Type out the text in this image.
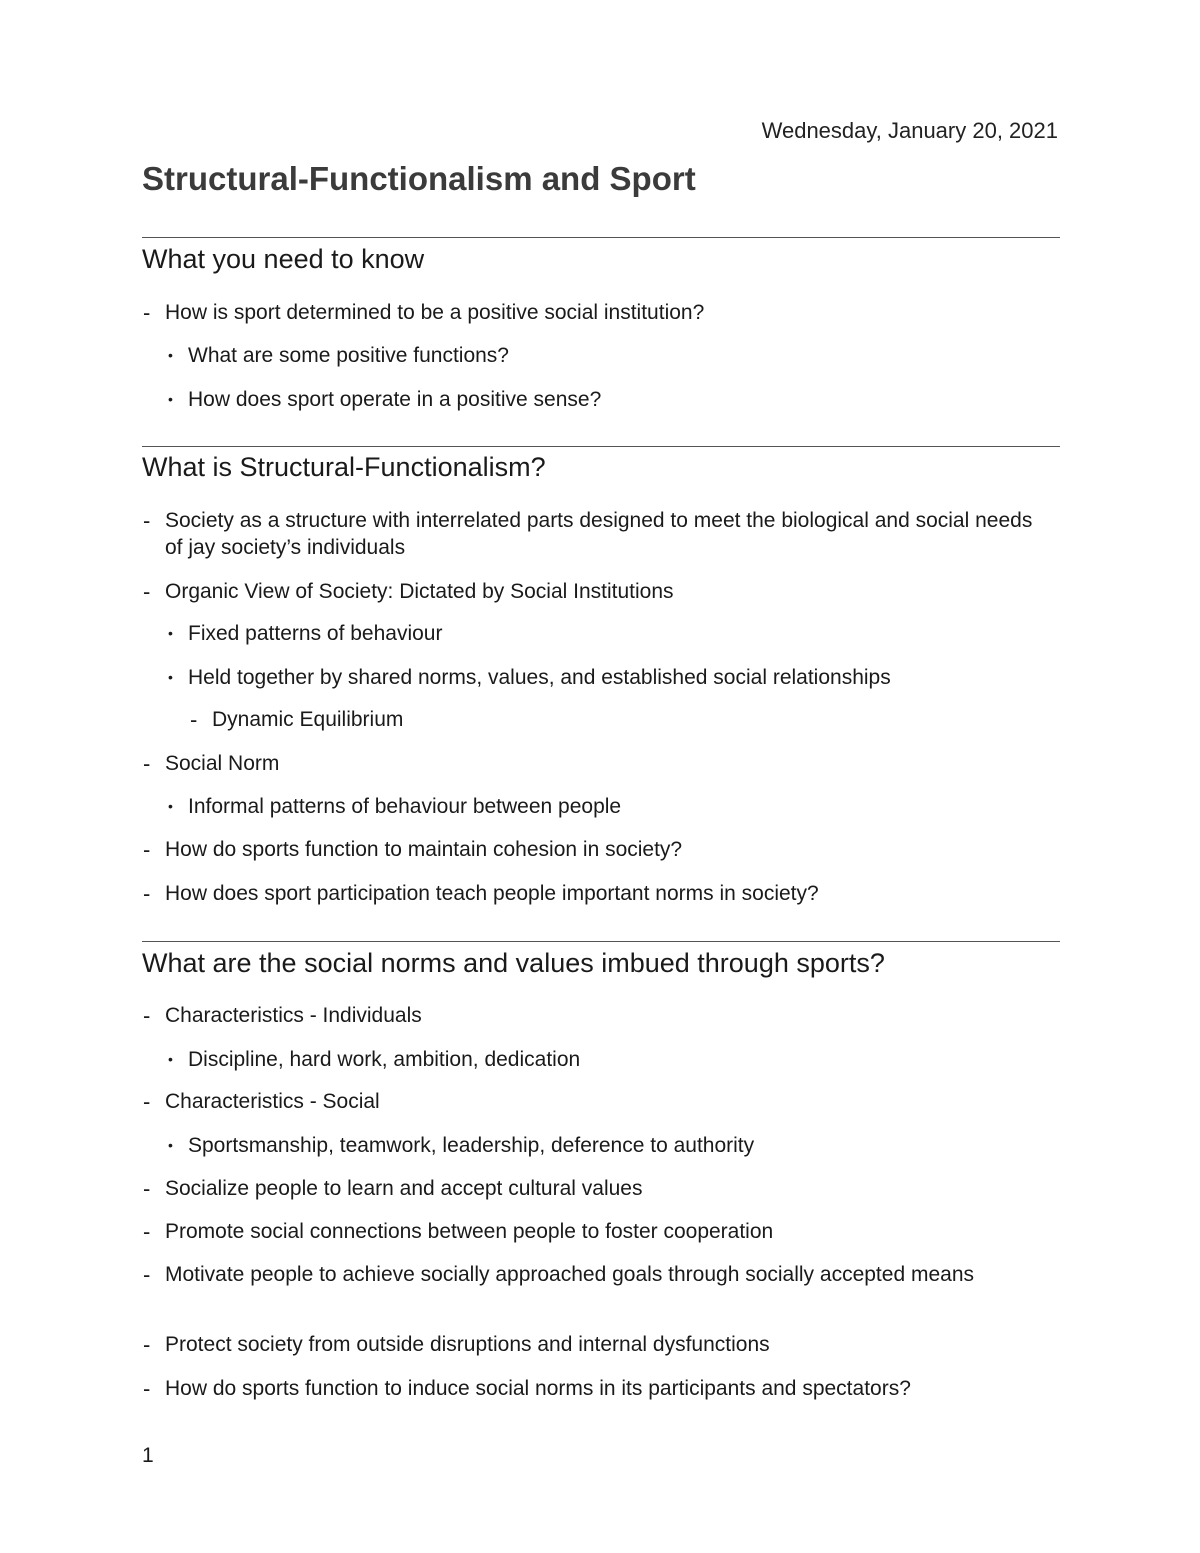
Wednesday, January 20, 2021
Structural-Functionalism and Sport
What you need to know
- How is sport determined to be a positive social institution?
• What are some positive functions?
• How does sport operate in a positive sense?
What is Structural-Functionalism?
- Society as a structure with interrelated parts designed to meet the biological and social needs of jay society’s individuals
- Organic View of Society: Dictated by Social Institutions
• Fixed patterns of behaviour
• Held together by shared norms, values, and established social relationships
- Dynamic Equilibrium
- Social Norm
• Informal patterns of behaviour between people
- How do sports function to maintain cohesion in society?
- How does sport participation teach people important norms in society?
What are the social norms and values imbued through sports?
- Characteristics - Individuals
• Discipline, hard work, ambition, dedication
- Characteristics - Social
• Sportsmanship, teamwork, leadership, deference to authority
- Socialize people to learn and accept cultural values
- Promote social connections between people to foster cooperation
- Motivate people to achieve socially approached goals through socially accepted means
- Protect society from outside disruptions and internal dysfunctions
- How do sports function to induce social norms in its participants and spectators?
1
